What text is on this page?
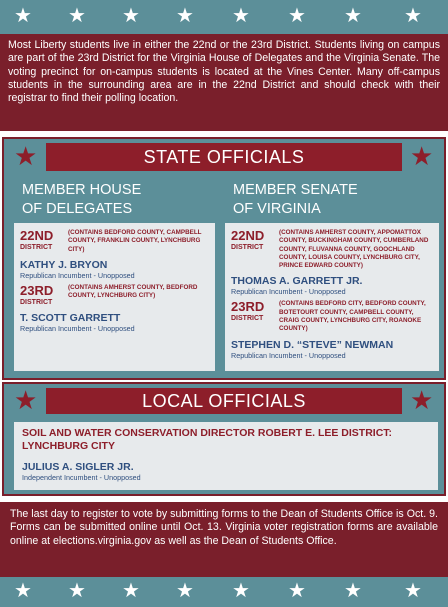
★ ★ ★ ★ ★ ★ ★ ★
Most Liberty students live in either the 22nd or the 23rd District. Students living on campus are part of the 23rd District for the Virginia House of Delegates and the Virginia Senate. The voting precinct for on-campus students is located at the Vines Center. Many off-campus students in the surrounding area are in the 22nd District and should check with their registrar to find their polling location.
★	STATE OFFICIALS	★
MEMBER HOUSE
OF DELEGATES
22ND
DISTRICT
(CONTAINS BEDFORD COUNTY, CAMPBELL COUNTY, FRANKLIN COUNTY, LYNCHBURG CITY)
KATHY J. BRYON
Republican Incumbent - Unopposed
23RD
DISTRICT
(CONTAINS AMHERST COUNTY, BEDFORD COUNTY, LYNCHBURG CITY)
T. SCOTT GARRETT
Republican Incumbent - Unopposed
MEMBER SENATE
OF VIRGINIA
22ND
DISTRICT
(CONTAINS AMHERST COUNTY, APPOMATTOX COUNTY, BUCKINGHAM COUNTY, CUMBERLAND COUNTY, FLUVANNA COUNTY, GOOCHLAND COUNTY, LOUISA COUNTY, LYNCHBURG CITY, PRINCE EDWARD COUNTY)
THOMAS A. GARRETT JR.
Republican Incumbent - Unopposed
23RD
DISTRICT
(CONTAINS BEDFORD CITY, BEDFORD COUNTY, BOTETOURT COUNTY, CAMPBELL COUNTY, CRAIG COUNTY, LYNCHBURG CITY, ROANOKE COUNTY)
STEPHEN D. “STEVE” NEWMAN
Republican Incumbent - Unopposed
★	LOCAL OFFICIALS	★
SOIL AND WATER CONSERVATION DIRECTOR ROBERT E. LEE DISTRICT: LYNCHBURG CITY
JULIUS A. SIGLER JR.
Independent Incumbent - Unopposed
The last day to register to vote by submitting forms to the Dean of Students Office is Oct. 9. Forms can be submitted online until Oct. 13. Virginia voter registration forms are available online at elections.virginia.gov as well as the Dean of Students Office.
★ ★ ★ ★ ★ ★ ★ ★
